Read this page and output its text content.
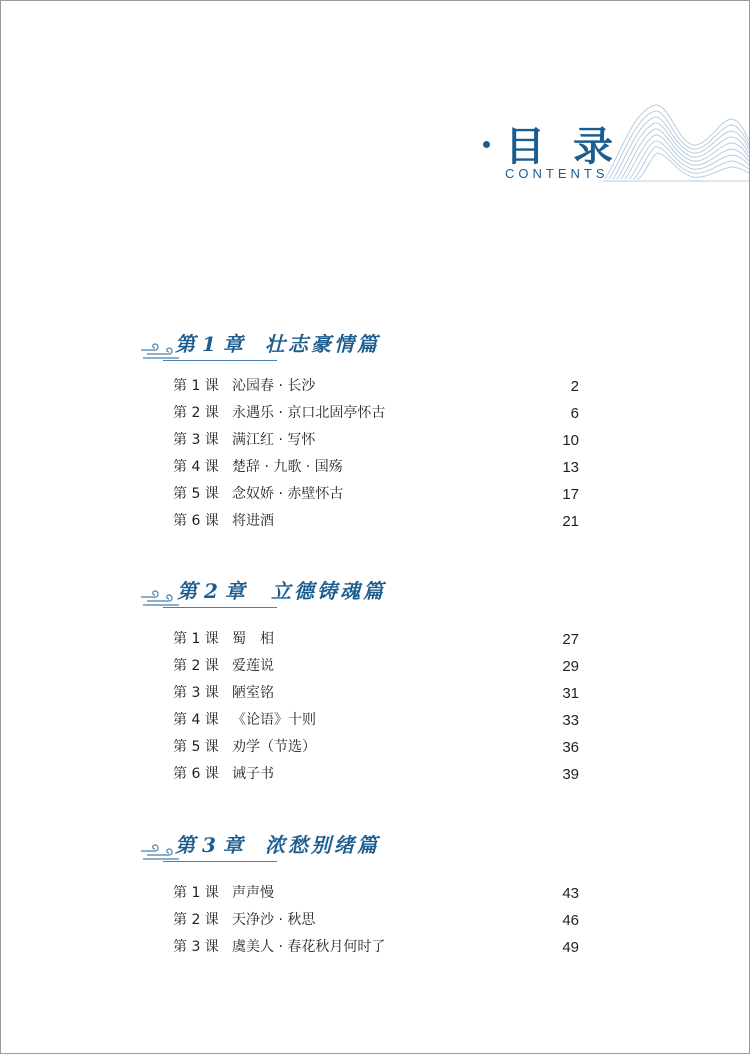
目录
CONTENTS
第 1 章 壮志豪情篇
第 1 课 沁园春 · 长沙	2
第 2 课 永遇乐 · 京口北固亭怀古	6
第 3 课 满江红 · 写怀	10
第 4 课 楚辞 · 九歌 · 国殇	13
第 5 课 念奴娇 · 赤壁怀古	17
第 6 课 将进酒	21
第 2 章 立德铸魂篇
第 1 课 蜀　相	27
第 2 课 爱莲说	29
第 3 课 陋室铭	31
第 4 课 《论语》十则	33
第 5 课 劝学（节选）	36
第 6 课 诫子书	39
第 3 章 浓愁别绪篇
第 1 课 声声慢	43
第 2 课 天净沙 · 秋思	46
第 3 课 虞美人 · 春花秋月何时了	49
